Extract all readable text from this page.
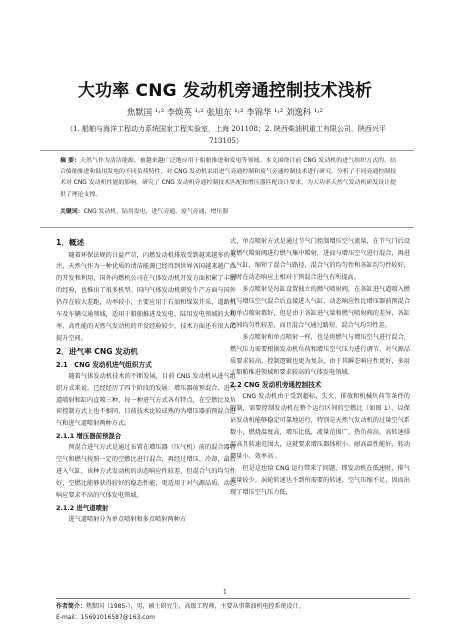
大功率 CNG 发动机旁通控制技术浅析
焦默国 ¹˒² 李焕英 ¹˒² 张旭东 ¹˒² 李锦华 ¹˒² 刘逸科 ¹˒²
（1. 船舶与海洋工程动力系统国家工程实验室，上海 201108；2. 陕西柴油机重工有限公司，陕西兴平
713105）
摘 要：天然气作为清洁能源，被越来越广泛地应用于船舶推进和发电等领域。本文围绕目前 CNG 发动机的进气组织方式的，结合船舶推进和陆用发电的不同负荷特性，对 CNG 发动机采用进气旁通控制和废气旁通控制技术进行研究，分析了不同旁通控制技术对 CNG 发动机性能的影响，研究了 CNG 发动机旁通控制技术匹配和增压器匹配设计要求，为大功率天然气发动机研发设计提供了理论支撑。
关键词：CNG 发动机，陆用发电，进气旁通，废气旁通，增压器
1．概述

随着环保法规的日益严苛，内燃发动机排放受到越来越多的关注，天然气作为一种优质的清洁能源已经得到世界各国越来越广泛的开发和利用，国外内燃机公司在气体发动机开发方面积累了丰富的经验，也推出了很多机型。国内气体发动机研发生产方面与国外仍存在较大差距，功率较小，主要应用于石油和煤炭开采、道路机车及车辆交通领域，适用于船舶推进及发电、陆用发电领域的大功率、高性能的天然气发动机的开发经验较少，技术方面还有很大的提升空间。

2．进气率 CNG 发动机
2.1　CNG 发动机进气组织方式

随着气体发动机技术的不断发展，目前 CNG 发动机从进气组织方式来说，已经经历了四个阶段的发展：增压器前预混合、进气道喷射和缸内直喷三种，每一种进气方式各有特点，在空燃比及负荷控制方式上也不相同，目前技术比较成熟的为增压器前预混合进气和进气道喷射两种方式。

2.1.1 增压器前预混合

预混合进气方式是通过布置在增压器（压气机）前的混合器将空气和燃气按照一定的空燃比进行混合，再经过增压、冷却，最后进入气缸，该种方式发动机的动态响应性较差，但混合气的均匀性好，空燃比能够获得较好的稳态性能，更适用于对气源品质、动态响应要求不高的气体发电领域。

2.1.2 进气道喷射

进气道喷射分为单点喷射和多点喷射两种方

式，单点喷射方式是通过节气门控制增压空气流量，在节气门后设置燃气喷射阀进行燃气集中喷射，进而与增压空气进行混合，再进入气缸，缩短了混合气路径，混合气的均匀性和各缸均匀性较好，同时在动态响应上相对于预混合进气有所提高。

多点喷射是每缸设置独立的燃气喷射阀，在各缸进气道喷入燃气与增压空气混合后直接进入气缸，动态响应性比增压器前预混合和单点喷射都好，但是由于各缸进气量和燃气喷射阀的差异，各缸之间均匀性较差，而且混合气通过路短，混合气均匀性差。

多点喷射和单点喷射一样，也是将燃气与增压空气进行混合，燃气压力需要根据发动机负荷和增压空气压力进行调节，对气源品质要求较高，控制逻辑也更为复杂，由于其瞬态响应性更好，多用于船舶推进领域和要求较高的气体发电领域。

2.2 CNG 发动机旁通控制技术

CNG 发动机由于受到超标、失火、排放和机械负荷等条件的限制，需要控制发动机在整个运行区间的空燃比（如图 1），以保证发动机能够稳定可靠地运行，特别是天然气发动机的过量空气系数小，燃烧温度高，增压比低，流量范围广、热负荷高，高转速排温高且转速范围大，这就要求增压器体积小、耐高温性能好、转动惯量小、效率高 。

但是这也给 CNG 运行带来了问题，即发动机在低速时，排气流量较少，涡轮转速达不到所需要的转速，空气压缩不足，因而出现了增压空气压力低，

1
作者简介：焦默国（1985-），男，硕士研究生，高级工程师，主要从事柴油机电控系统设计。
E-mail：15691016587@163.com
